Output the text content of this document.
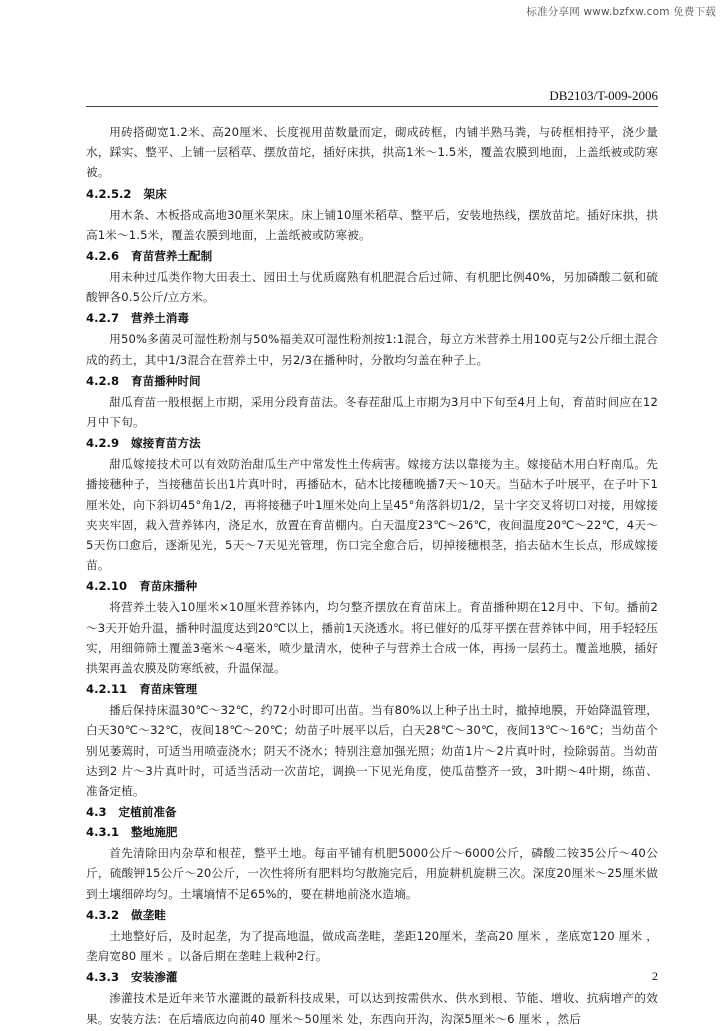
标准分享网 www.bzfxw.com 免费下载
DB2103/T-009-2006

用砖搭砌宽1.2米、高20厘米、长度视用苗数量而定，砌成砖框，内铺半熟马粪，与砖框相持平，浇少量水，踩实、整平、上铺一层稻草、摆放苗坨，插好床拱，拱高1米～1.5米，覆盖农膜到地面，上盖纸被或防寒被。

4.2.5.2 架床

用木条、木板搭成高地30厘米架床。床上铺10厘米稻草、整平后，安装地热线，摆放苗坨。插好床拱，拱高1米～1.5米，覆盖农膜到地面，上盖纸被或防寒被。

4.2.6 育苗营养土配制

用未种过瓜类作物大田表土、园田土与优质腐熟有机肥混合后过筛、有机肥比例40%，另加磷酸二氨和硫酸钾各0.5公斤/立方米。

4.2.7 营养土消毒

用50%多菌灵可湿性粉剂与50%福美双可湿性粉剂按1:1混合，每立方米营养土用100克与2公斤细土混合成的药土，其中1/3混合在营养土中，另2/3在播种时，分散均匀盖在种子上。

4.2.8 育苗播种时间

甜瓜育苗一般根据上市期，采用分段育苗法。冬春茬甜瓜上市期为3月中下旬至4月上旬，育苗时间应在12月中下旬。

4.2.9 嫁接育苗方法

甜瓜嫁接技术可以有效防治甜瓜生产中常发性土传病害。嫁接方法以靠接为主。嫁接砧木用白籽南瓜。先播接穗种子，当接穗苗长出1片真叶时，再播砧木，砧木比接穗晚播7天～10天。当砧木子叶展平，在子叶下1厘米处，向下斜切45°角1/2，再将接穗子叶1厘米处向上呈45°角落斜切1/2，呈十字交叉将切口对接，用嫁接夹夹牢固，栽入营养钵内，浇足水，放置在育苗棚内。白天温度23℃～26℃，夜间温度20℃～22℃，4天～5天伤口愈后，逐渐见光，5天～7天见光管理，伤口完全愈合后，切掉接穗根茎，掐去砧木生长点，形成嫁接苗。

4.2.10 育苗床播种

将营养土装入10厘米×10厘米营养钵内，均匀整齐摆放在育苗床上。育苗播种期在12月中、下旬。播前2～3天开始升温，播种时温度达到20℃以上，播前1天浇透水。将已催好的瓜芽平摆在营养钵中间，用手轻轻压实，用细筛筛土覆盖3毫米～4毫米，喷少量清水，使种子与营养土合成一体，再扬一层药土。覆盖地膜，插好拱架再盖农膜及防寒纸被，升温保湿。

4.2.11 育苗床管理

播后保持床温30℃～32℃，约72小时即可出苗。当有80%以上种子出土时，撤掉地膜，开始降温管理，白天30℃～32℃，夜间18℃～20℃；幼苗子叶展平以后，白天28℃～30℃，夜间13℃～16℃；当幼苗个别见萎蔫时，可适当用喷壶浇水；阴天不浇水；特别注意加强光照；幼苗1片～2片真叶时，捡除弱苗。当幼苗达到2 片～3片真叶时，可适当活动一次苗坨，调换一下见光角度，使瓜苗整齐一致，3叶期～4叶期，练苗、准备定植。

4.3 定植前准备
4.3.1 整地施肥

首先清除田内杂草和根茬，整平土地。每亩平铺有机肥5000公斤～6000公斤，磷酸二铵35公斤～40公斤，硫酸钾15公斤～20公斤，一次性将所有肥料均匀散施完后，用旋耕机旋耕三次。深度20厘米～25厘米做到土壤细碎均匀。土壤墒情不足65%的，要在耕地前浇水造墒。

4.3.2 做垄畦

土地整好后，及时起垄，为了提高地温，做成高垄畦，垄距120厘米，垄高20 厘米 ，垄底宽120 厘米 ，垄肩宽80 厘米 。以备后期在垄畦上栽种2行。

4.3.3 安装渗灌

渗灌技术是近年来节水灌溉的最新科技成果，可以达到按需供水、供水到根、节能、增收、抗病增产的效果。安装方法：在后墙底边向前40 厘米～50厘米 处，东西向开沟，沟深5厘米～6 厘米 ，然后

2
